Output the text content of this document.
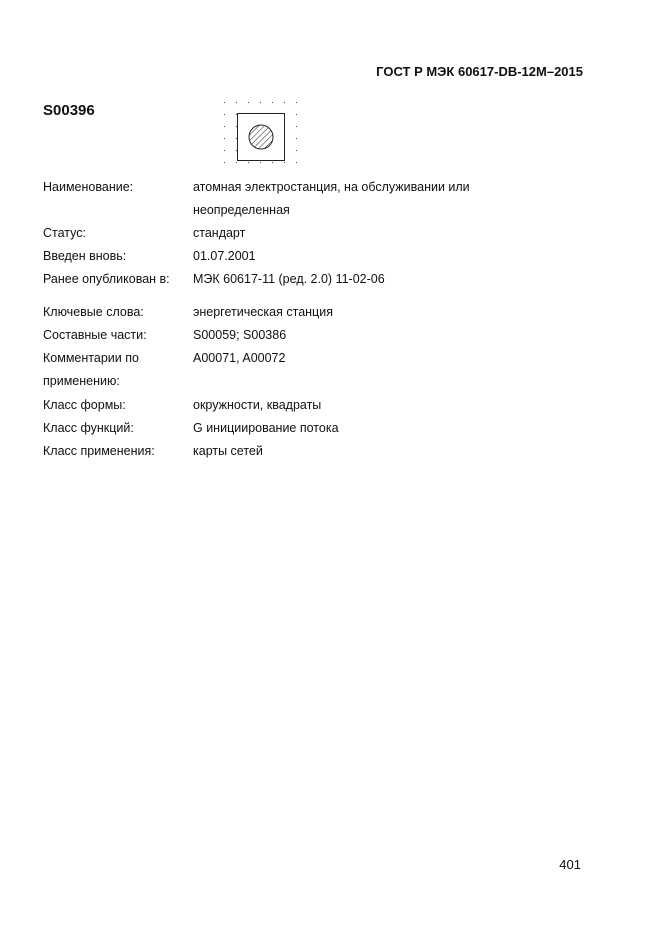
ГОСТ Р МЭК 60617-DB-12M–2015
S00396
Наименование:	атомная электростанция, на обслуживании или
неопределенная
Статус:	стандарт
Введен вновь:	01.07.2001
Ранее опубликован в: МЭК 60617-11 (ред. 2.0) 11-02-06
Ключевые слова:	энергетическая станция
Составные части:	S00059; S00386
Комментарии по	A00071, A00072
применению:
Класс формы:	окружности, квадраты
Класс функций:	G инициирование потока
Класс применения:	карты сетей
401
